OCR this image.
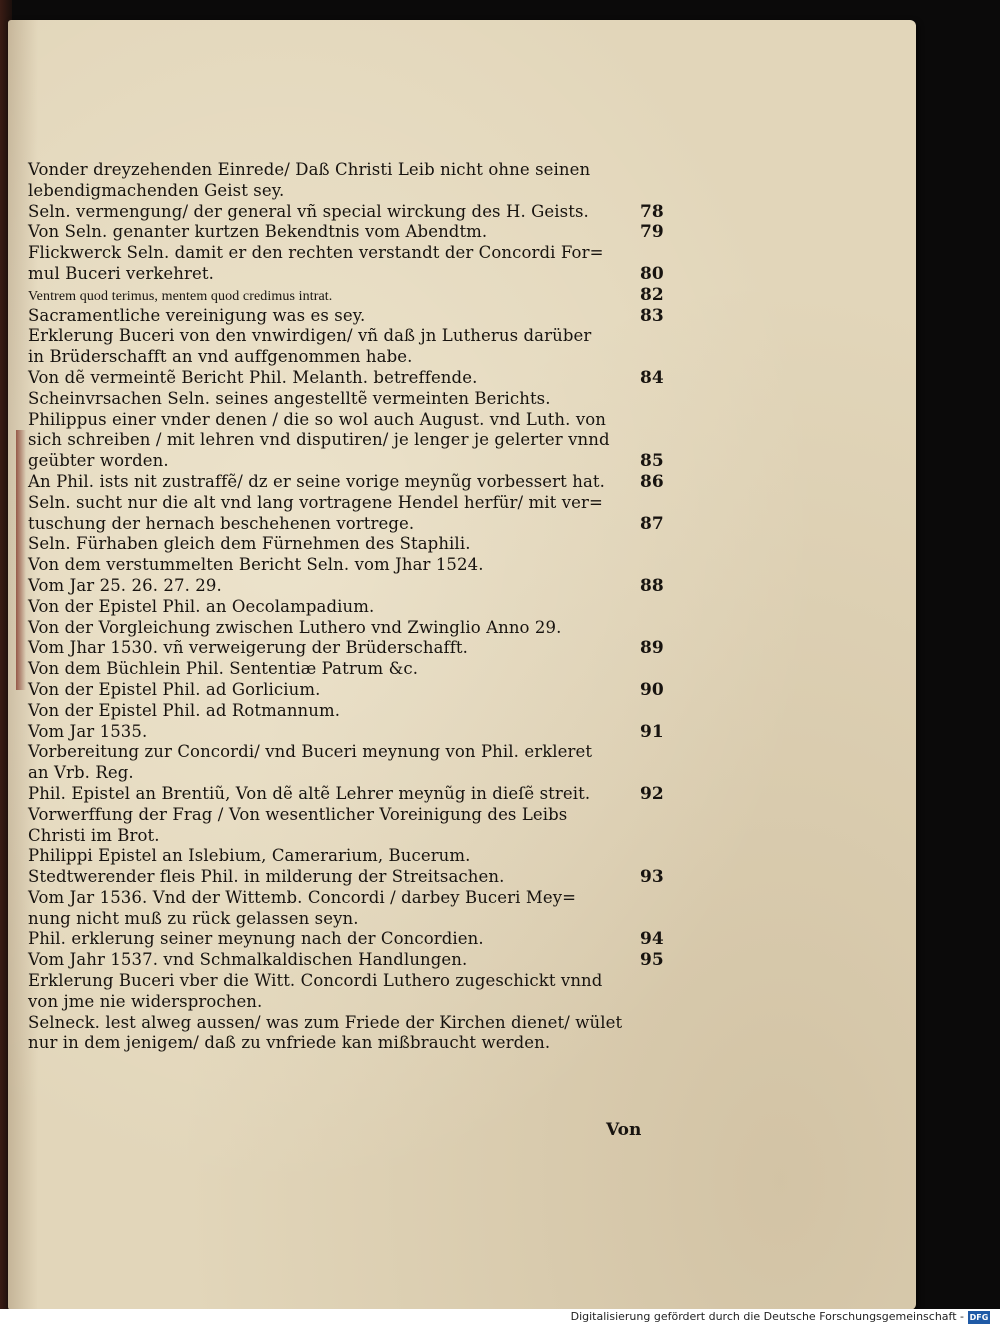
Vonder dreyzehenden Einrede/ Daß Christi Leib nicht ohne seinen
lebendigmachenden Geist sey.
Seln. vermengung/ der general vñ special wirckung des H. Geists.	78
Von Seln. genanter kurtzen Bekendtnis vom Abendtm.	79
Flickwerck Seln. damit er den rechten verstandt der Concordi For=
mul Buceri verkehret.	80
Ventrem quod terimus, mentem quod credimus intrat.	82
Sacramentliche vereinigung was es sey.	83
Erklerung Buceri von den vnwirdigen/ vñ daß jn Lutherus darüber
in Brüderschafft an vnd auffgenommen habe.
Von dẽ vermeintẽ Bericht Phil. Melanth. betreffende.	84
Scheinvrsachen Seln. seines angestelltẽ vermeinten Berichts.
Philippus einer vnder denen / die so wol auch August. vnd Luth. von
sich schreiben / mit lehren vnd disputiren/ je lenger je gelerter vnnd
geübter worden.	85
An Phil. ists nit zustraffẽ/ dz er seine vorige meynũg vorbessert hat. 86
Seln. sucht nur die alt vnd lang vortragene Hendel herfür/ mit ver=
tuschung der hernach beschehenen vortrege.	87
Seln. Fürhaben gleich dem Fürnehmen des Staphili.
Von dem verstummelten Bericht Seln. vom Jhar 1524.
Vom Jar 25. 26. 27. 29.	88
Von der Epistel Phil. an Oecolampadium.
Von der Vorgleichung zwischen Luthero vnd Zwinglio Anno 29.
Vom Jhar 1530. vñ verweigerung der Brüderschafft.	89
Von dem Büchlein Phil. Sententiæ Patrum &c.
Von der Epistel Phil. ad Gorlicium.	90
Von der Epistel Phil. ad Rotmannum.
Vom Jar 1535.	91
Vorbereitung zur Concordi/ vnd Buceri meynung von Phil. erkleret
an Vrb. Reg.
Phil. Epistel an Brentiũ, Von dẽ altẽ Lehrer meynũg in dieſẽ streit.	92
Vorwerffung der Frag / Von wesentlicher Voreinigung des Leibs
Christi im Brot.
Philippi Epistel an Islebium, Camerarium, Bucerum.
Stedtwerender fleis Phil. in milderung der Streitsachen.	93
Vom Jar 1536. Vnd der Wittemb. Concordi / darbey Buceri Mey=
nung nicht muß zu rück gelassen seyn.
Phil. erklerung seiner meynung nach der Concordien.	94
Vom Jahr 1537. vnd Schmalkaldischen Handlungen.	95
Erklerung Buceri vber die Witt. Concordi Luthero zugeschickt vnnd
von jme nie widersprochen.
Selneck. lest alweg aussen/ was zum Friede der Kirchen dienet/ wület
nur in dem jenigem/ daß zu vnfriede kan mißbraucht werden.
Von
Digitalisierung gefördert durch die Deutsche Forschungsgemeinschaft - DFG
